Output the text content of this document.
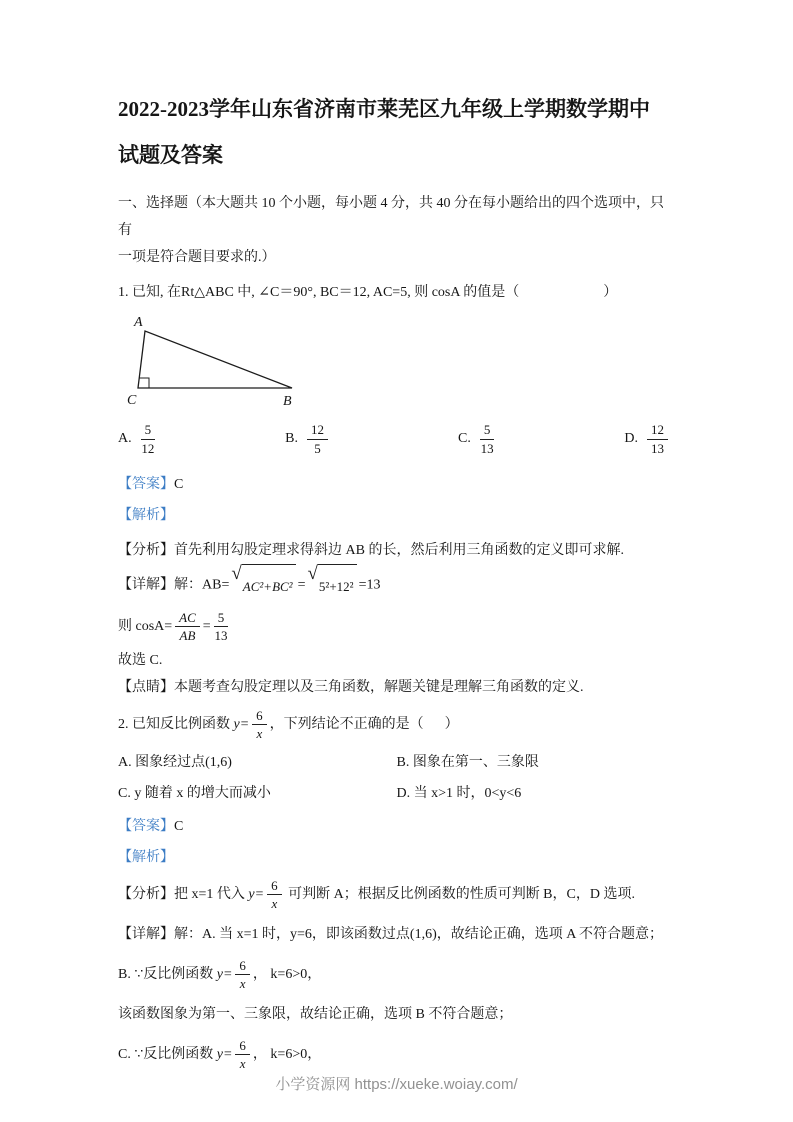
2022-2023学年山东省济南市莱芜区九年级上学期数学期中
试题及答案

一、选择题（本大题共 10 个小题，每小题 4 分，共 40 分在每小题给出的四个选项中，只有
一项是符合题目要求的.）

1. 已知, 在Rt△ABC 中, ∠C＝90°, BC＝12, AC=5, 则 cosA 的值是（                        ）

A
C	B
A. $\frac{5}{12}$	B. $\frac{12}{5}$	C. $\frac{5}{13}$	D. $\frac{12}{13}$

【答案】C

【解析】

【分析】首先利用勾股定理求得斜边 AB 的长，然后利用三角函数的定义即可求解.

【详解】解：AB=
√
AC²+BC² =
√
5²+12² =13

则 $\cos A= \frac{AC}{AB} = \frac{5}{13}$

故选 C.

【点睛】本题考查勾股定理以及三角函数，解题关键是理解三角函数的定义.

2. 已知反比例函数 $y= \frac{6}{x}$ ，下列结论不正确的是（      ）

A. 图象经过点(1,6)	B. 图象在第一、三象限
C. y 随着 x 的增大而减小	D. 当 x>1 时，0<y<6

【答案】C

【解析】

【分析】把 x=1 代入 $y= \frac{6}{x}$ 可判断 A；根据反比例函数的性质可判断 B，C，D 选项.

【详解】解：A. 当 x=1 时，y=6，即该函数过点(1,6)，故结论正确，选项 A 不符合题意；

B. ∵反比例函数 $y= \frac{6}{x}$ ， k=6>0，

该函数图象为第一、三象限，故结论正确，选项 B 不符合题意；

C. ∵反比例函数 $y= \frac{6}{x}$ ， k=6>0，

小学资源网 https://xueke.woiay.com/
